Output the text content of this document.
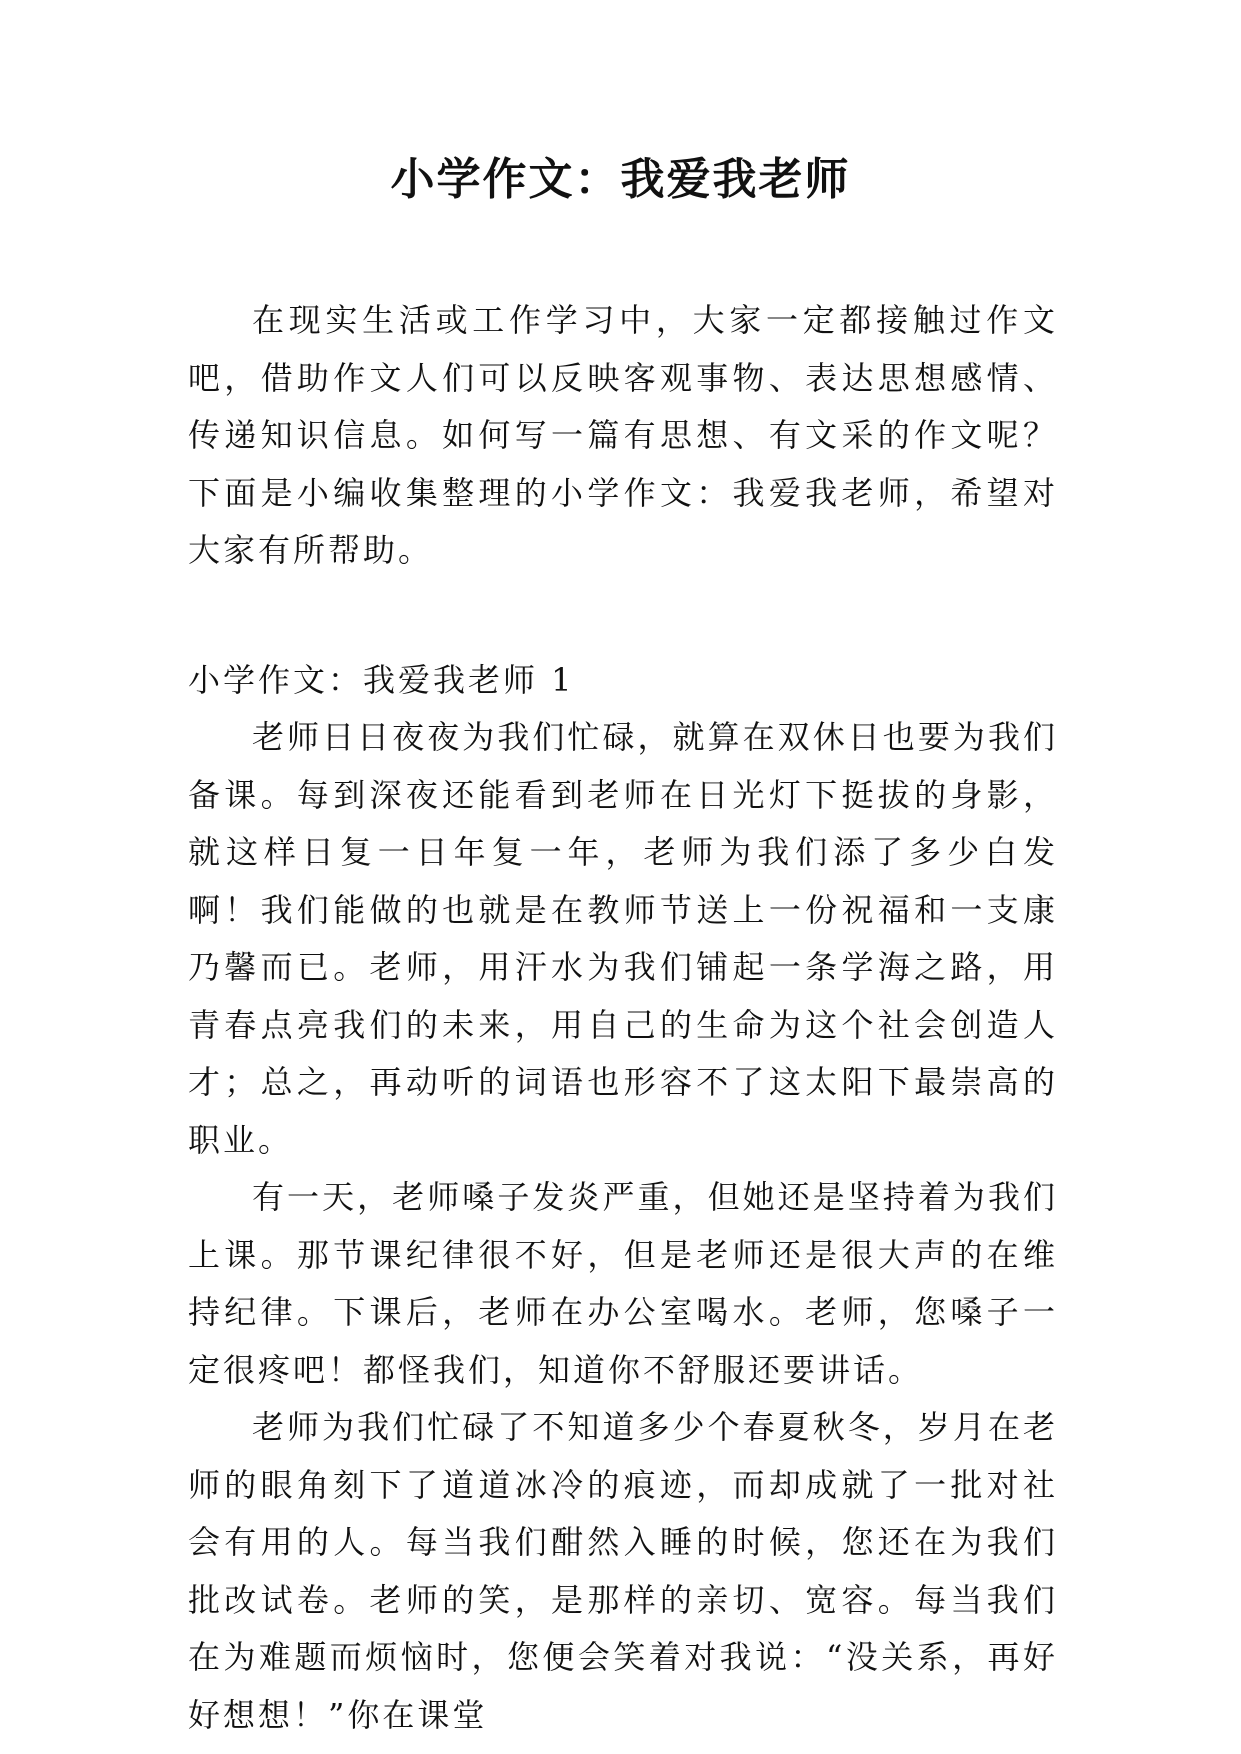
小学作文：我爱我老师

在现实生活或工作学习中，大家一定都接触过作文吧，借助作文人们可以反映客观事物、表达思想感情、传递知识信息。如何写一篇有思想、有文采的作文呢？下面是小编收集整理的小学作文：我爱我老师，希望对大家有所帮助。

小学作文：我爱我老师 1

老师日日夜夜为我们忙碌，就算在双休日也要为我们备课。每到深夜还能看到老师在日光灯下挺拔的身影，就这样日复一日年复一年，老师为我们添了多少白发啊！我们能做的也就是在教师节送上一份祝福和一支康乃馨而已。老师，用汗水为我们铺起一条学海之路，用青春点亮我们的未来，用自己的生命为这个社会创造人才；总之，再动听的词语也形容不了这太阳下最崇高的职业。

有一天，老师嗓子发炎严重，但她还是坚持着为我们上课。那节课纪律很不好，但是老师还是很大声的在维持纪律。下课后，老师在办公室喝水。老师，您嗓子一定很疼吧！都怪我们，知道你不舒服还要讲话。

老师为我们忙碌了不知道多少个春夏秋冬，岁月在老师的眼角刻下了道道冰冷的痕迹，而却成就了一批对社会有用的人。每当我们酣然入睡的时候，您还在为我们批改试卷。老师的笑，是那样的亲切、宽容。每当我们在为难题而烦恼时，您便会笑着对我说：“没关系，再好好想想！”你在课堂
